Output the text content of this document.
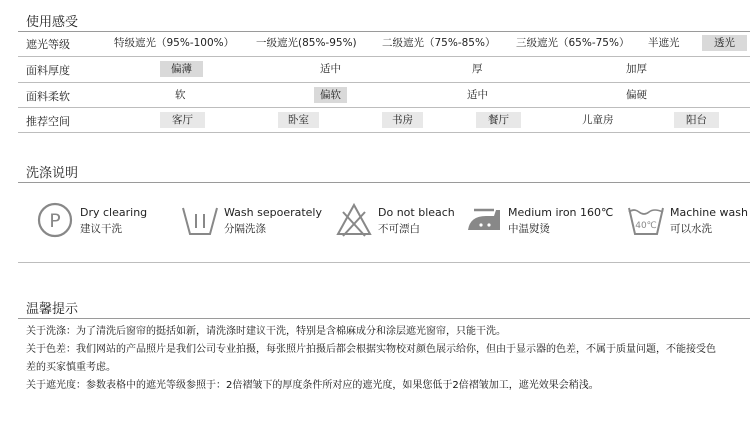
使用感受
遮光等级	特级遮光（95%-100%） 一级遮光(85%-95%) 二级遮光（75%-85%） 三级遮光（65%-75%） 半遮光	透光
面料厚度	偏薄	适中	厚	加厚
面料柔软	软	偏软	适中	偏硬
推荐空间	客厅	卧室	书房	餐厅	儿童房	阳台
洗涤说明
P Dry clearing
建议干洗
Wash sepoerately
分隔洗涤
Do not bleach
不可漂白
Medium iron 160℃
中温熨烫	40℃
Machine wash
可以水洗
温馨提示
关于洗涤：为了清洗后窗帘的挺括如新，请洗涤时建议干洗，特别是含棉麻成分和涂层遮光窗帘，只能干洗。
关于色差：我们网站的产品照片是我们公司专业拍摄，每张照片拍摄后都会根据实物校对颜色展示给你，但由于显示器的色差，不属于质量问题，不能接受色
差的买家慎重考虑。
关于遮光度：参数表格中的遮光等级参照于：2倍褶皱下的厚度条件所对应的遮光度，如果您低于2倍褶皱加工，遮光效果会稍浅。
